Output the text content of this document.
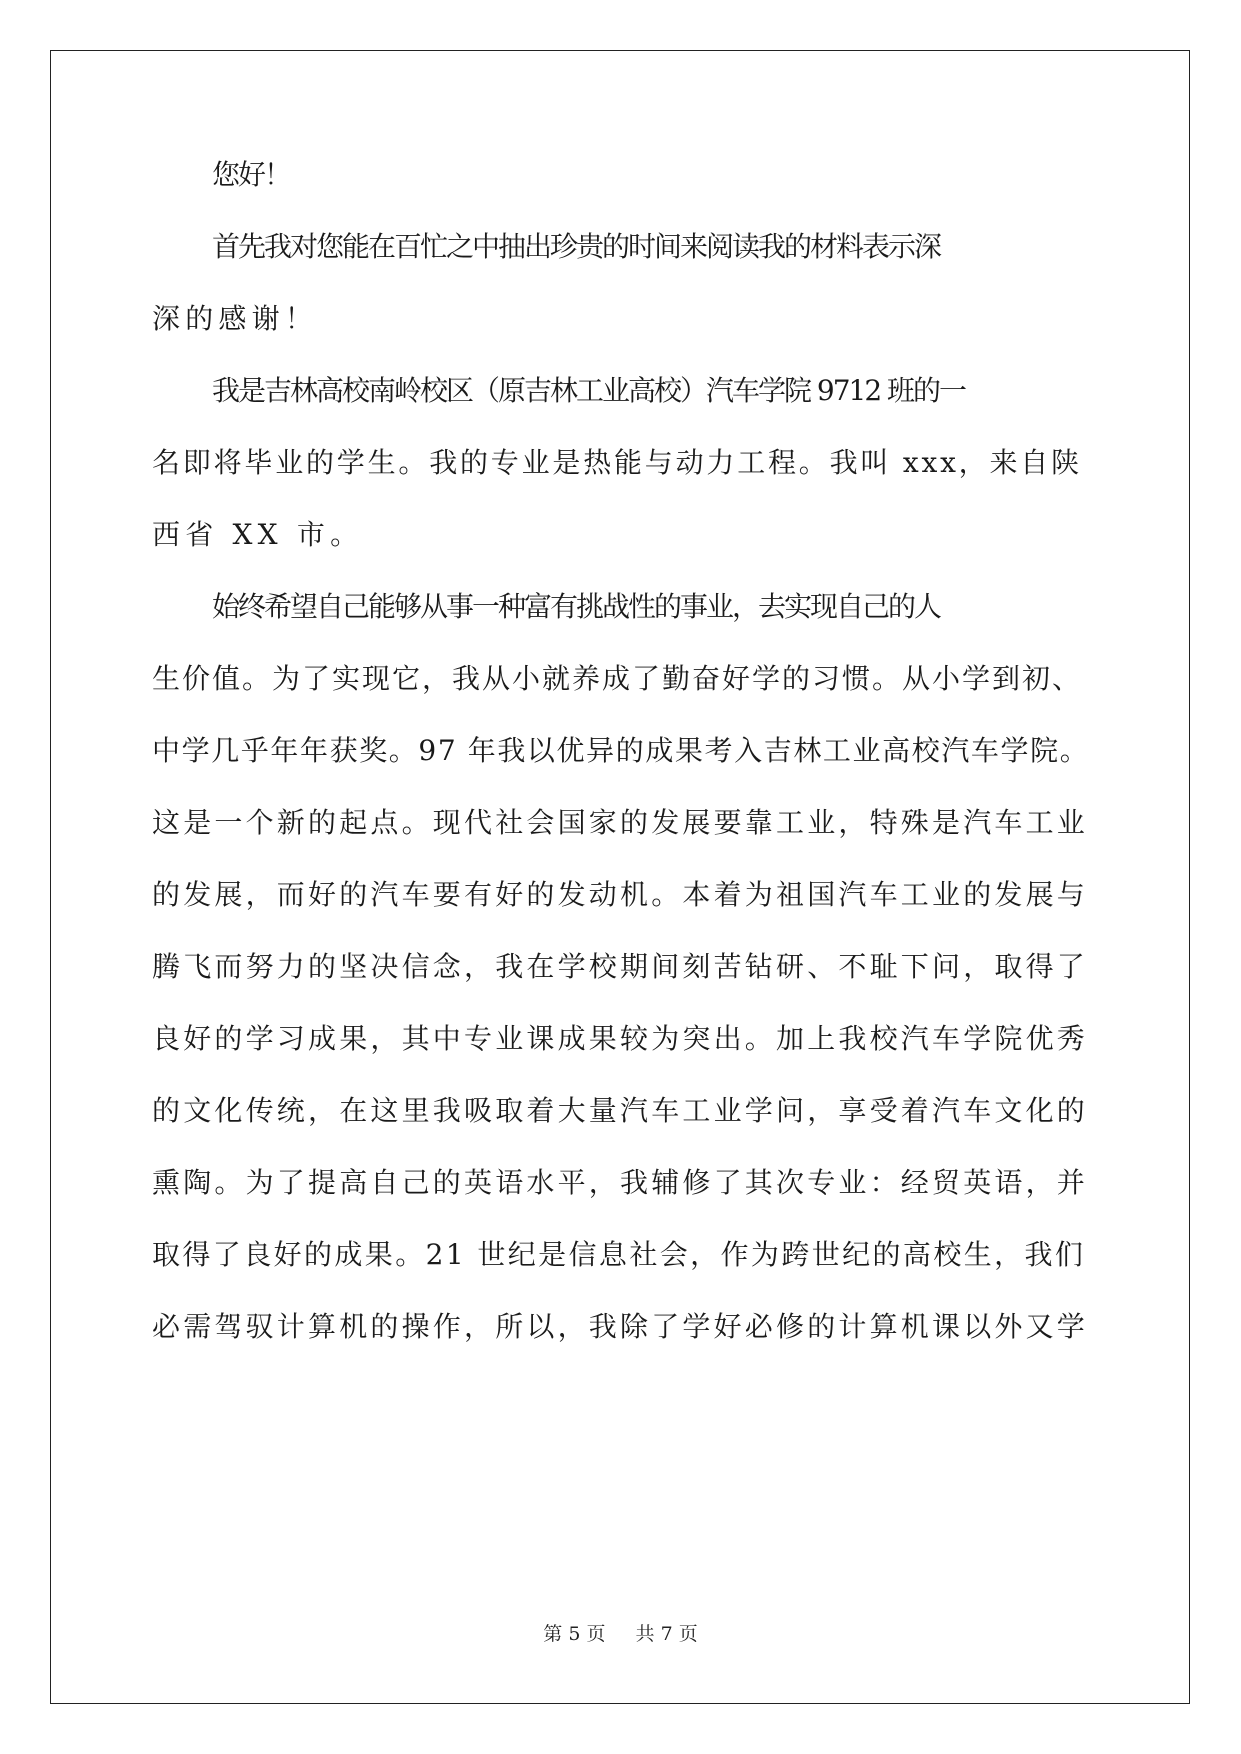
您好！
首先我对您能在百忙之中抽出珍贵的时间来阅读我的材料表示深
深的感谢！
我是吉林高校南岭校区（原吉林工业高校）汽车学院 9712 班的一
名即将毕业的学生。我的专业是热能与动力工程。我叫 xxx，来自陕
西省 XX 市。
始终希望自己能够从事一种富有挑战性的事业，去实现自己的人
生价值。为了实现它，我从小就养成了勤奋好学的习惯。从小学到初、
中学几乎年年获奖。97 年我以优异的成果考入吉林工业高校汽车学院。
这是一个新的起点。现代社会国家的发展要靠工业，特殊是汽车工业
的发展，而好的汽车要有好的发动机。本着为祖国汽车工业的发展与
腾飞而努力的坚决信念，我在学校期间刻苦钻研、不耻下问，取得了
良好的学习成果，其中专业课成果较为突出。加上我校汽车学院优秀
的文化传统，在这里我吸取着大量汽车工业学问，享受着汽车文化的
熏陶。为了提高自己的英语水平，我辅修了其次专业：经贸英语，并
取得了良好的成果。21 世纪是信息社会，作为跨世纪的高校生，我们
必需驾驭计算机的操作，所以，我除了学好必修的计算机课以外又学
第 5 页 共 7 页
